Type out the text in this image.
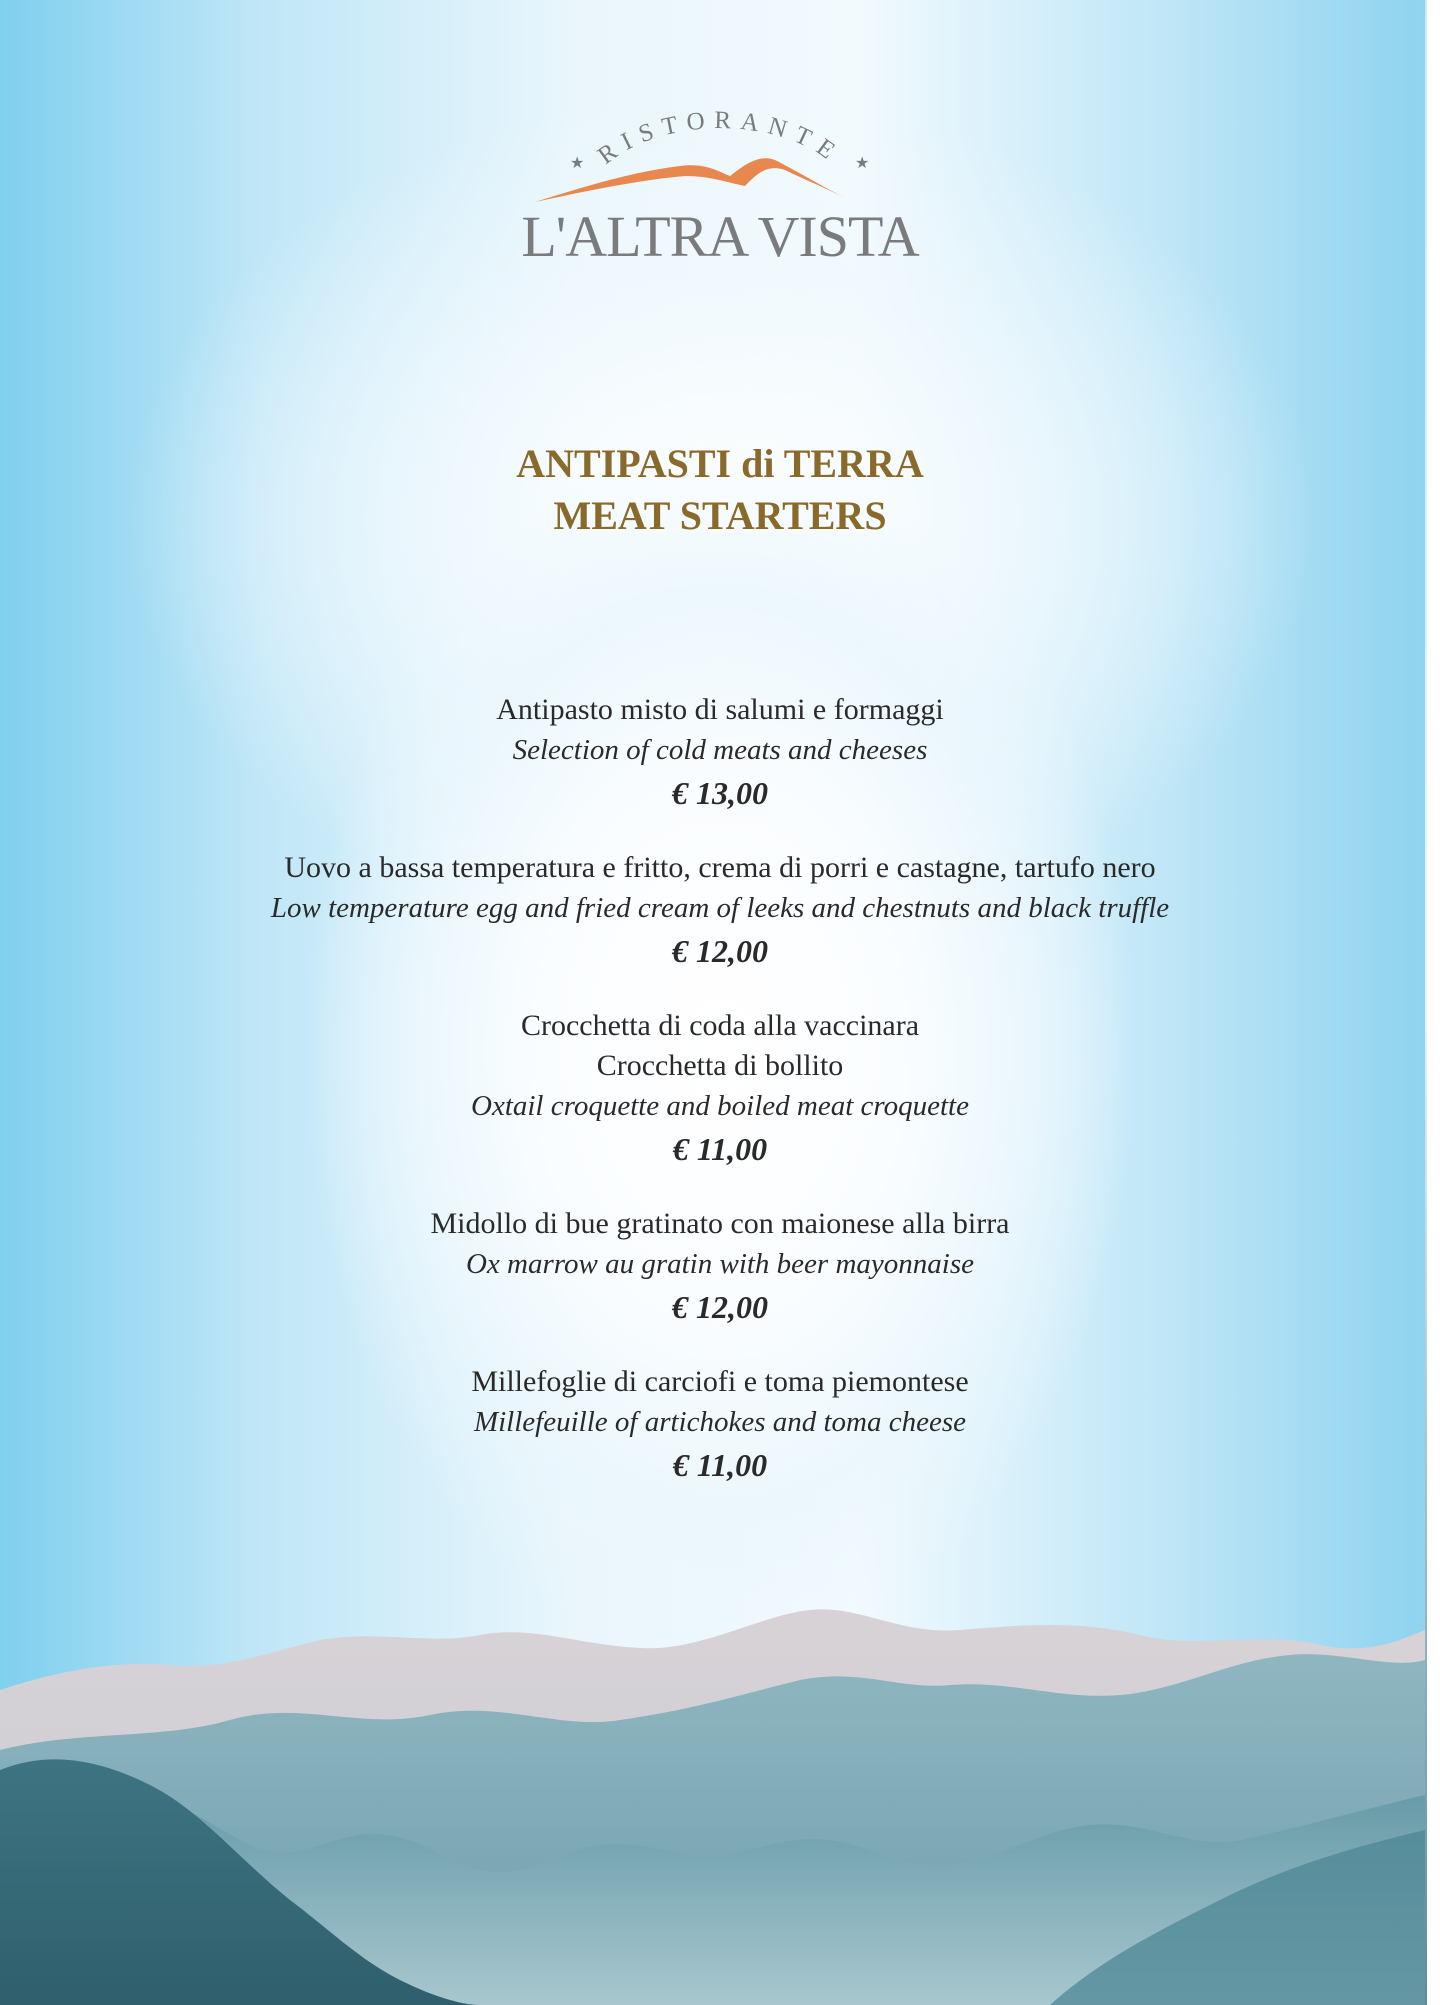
RISTORANTE
★	★
L'ALTRA VISTA
ANTIPASTI di TERRA
MEAT STARTERS
Antipasto misto di salumi e formaggi
Selection of cold meats and cheeses
€ 13,00
Uovo a bassa temperatura e fritto, crema di porri e castagne, tartufo nero
Low temperature egg and fried cream of leeks and chestnuts and black truffle
€ 12,00
Crocchetta di coda alla vaccinara
Crocchetta di bollito
Oxtail croquette and boiled meat croquette
€ 11,00
Midollo di bue gratinato con maionese alla birra
Ox marrow au gratin with beer mayonnaise
€ 12,00
Millefoglie di carciofi e toma piemontese
Millefeuille of artichokes and toma cheese
€ 11,00
